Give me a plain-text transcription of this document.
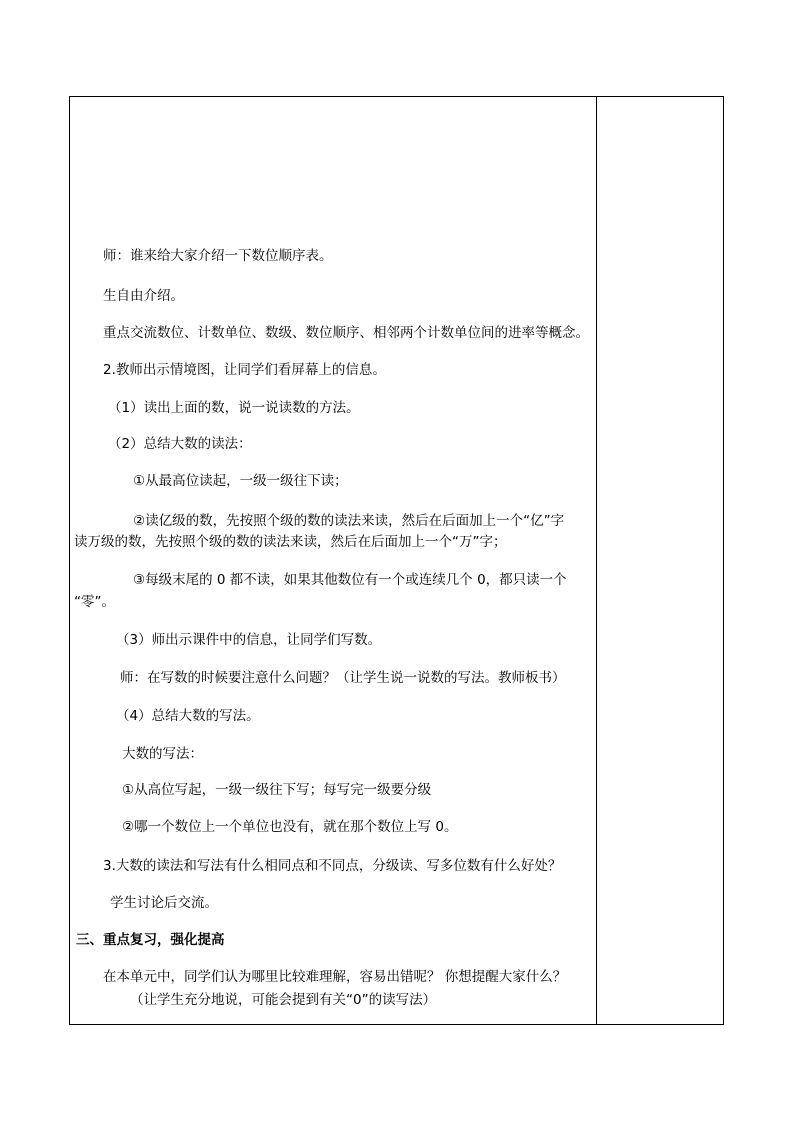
师：谁来给大家介绍一下数位顺序表。
生自由介绍。
重点交流数位、计数单位、数级、数位顺序、相邻两个计数单位间的进率等概念。
2.教师出示情境图，让同学们看屏幕上的信息。
（1）读出上面的数，说一说读数的方法。
（2）总结大数的读法：
①从最高位读起，一级一级往下读；
②读亿级的数，先按照个级的数的读法来读，然后在后面加上一个“亿”字
读万级的数，先按照个级的数的读法来读，然后在后面加上一个“万”字；
③每级末尾的 0 都不读，如果其他数位有一个或连续几个 0，都只读一个
“零”。
（3）师出示课件中的信息，让同学们写数。
师：在写数的时候要注意什么问题？（让学生说一说数的写法。教师板书）
（4）总结大数的写法。
大数的写法：
①从高位写起，一级一级往下写；每写完一级要分级
②哪一个数位上一个单位也没有，就在那个数位上写 0。
3.大数的读法和写法有什么相同点和不同点，分级读、写多位数有什么好处？
学生讨论后交流。
三、重点复习，强化提高
在本单元中，同学们认为哪里比较难理解，容易出错呢？ 你想提醒大家什么？
（让学生充分地说，可能会提到有关“0”的读写法）
